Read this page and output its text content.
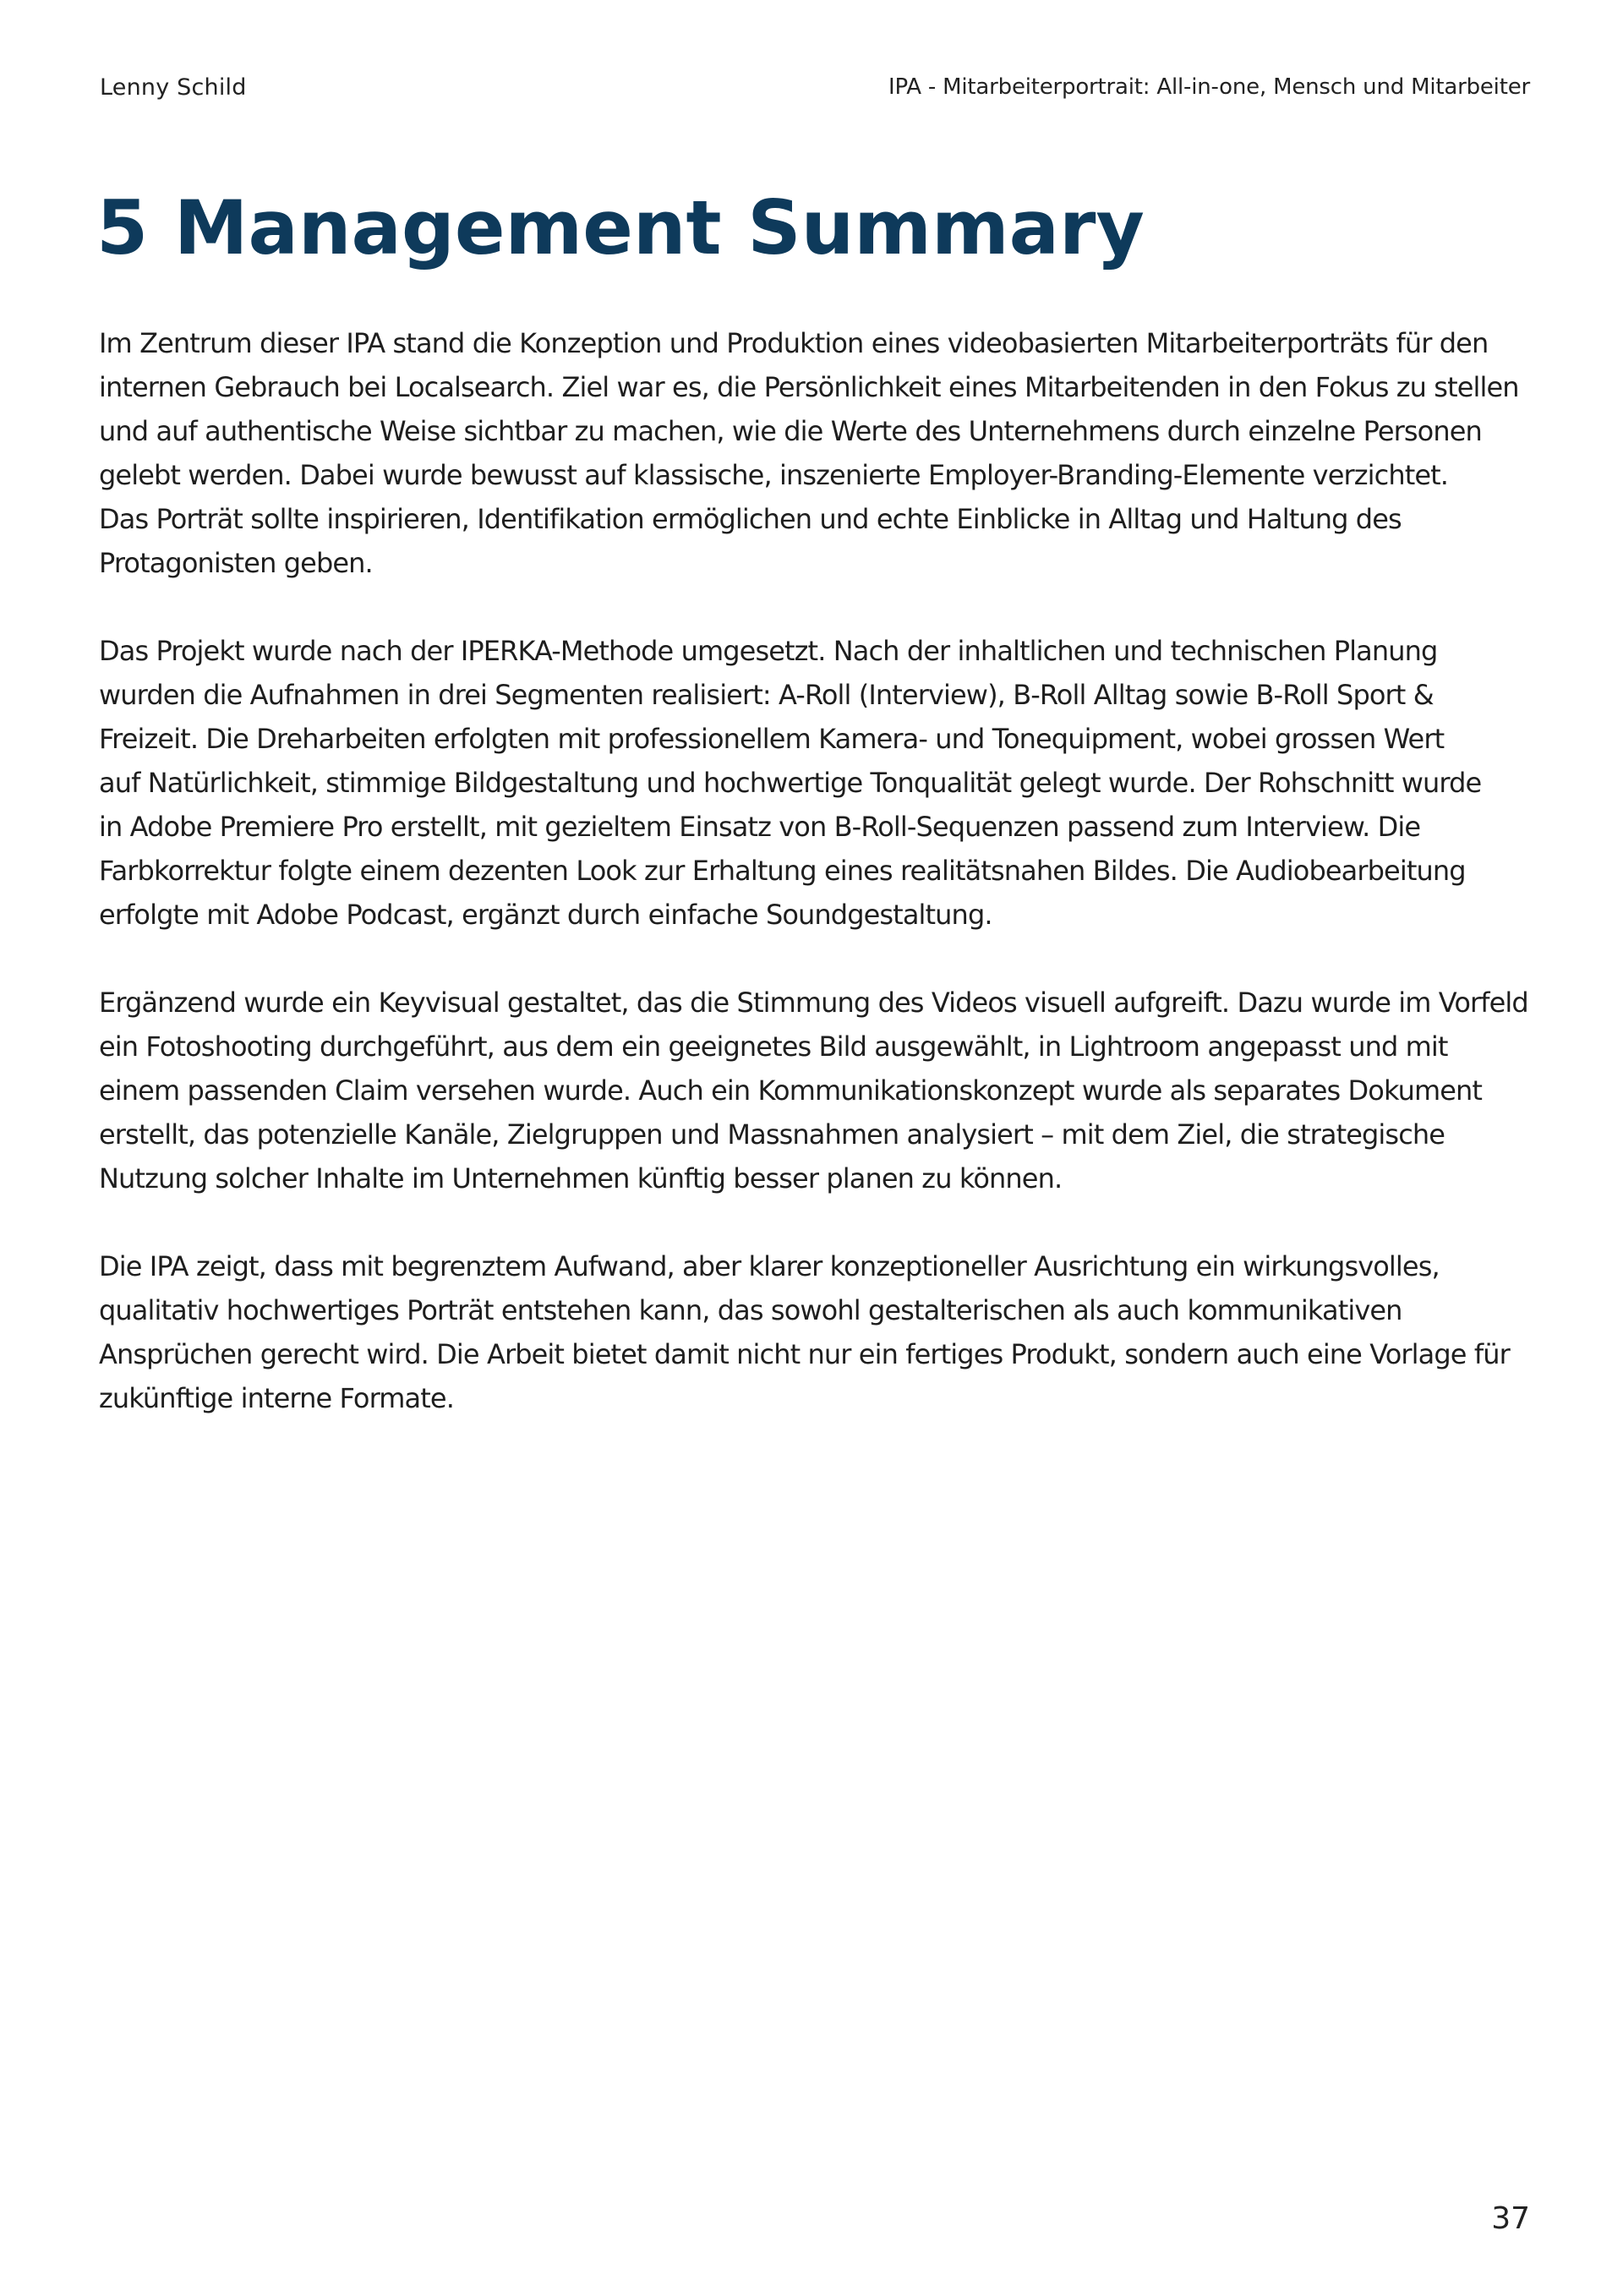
Lenny Schild	IPA - Mitarbeiterportrait: All-in-one, Mensch und Mitarbeiter
5 Management Summary

Im Zentrum dieser IPA stand die Konzeption und Produktion eines videobasierten Mitarbeiterporträts für den
internen Gebrauch bei Localsearch. Ziel war es, die Persönlichkeit eines Mitarbeitenden in den Fokus zu stellen
und auf authentische Weise sichtbar zu machen, wie die Werte des Unternehmens durch einzelne Personen
gelebt werden. Dabei wurde bewusst auf klassische, inszenierte Employer-Branding-Elemente verzichtet.
Das Porträt sollte inspirieren, Identifikation ermöglichen und echte Einblicke in Alltag und Haltung des
Protagonisten geben.

Das Projekt wurde nach der IPERKA-Methode umgesetzt. Nach der inhaltlichen und technischen Planung
wurden die Aufnahmen in drei Segmenten realisiert: A-Roll (Interview), B-Roll Alltag sowie B-Roll Sport &
Freizeit. Die Dreharbeiten erfolgten mit professionellem Kamera- und Tonequipment, wobei grossen Wert
auf Natürlichkeit, stimmige Bildgestaltung und hochwertige Tonqualität gelegt wurde. Der Rohschnitt wurde
in Adobe Premiere Pro erstellt, mit gezieltem Einsatz von B-Roll-Sequenzen passend zum Interview. Die
Farbkorrektur folgte einem dezenten Look zur Erhaltung eines realitätsnahen Bildes. Die Audiobearbeitung
erfolgte mit Adobe Podcast, ergänzt durch einfache Soundgestaltung.

Ergänzend wurde ein Keyvisual gestaltet, das die Stimmung des Videos visuell aufgreift. Dazu wurde im Vorfeld
ein Fotoshooting durchgeführt, aus dem ein geeignetes Bild ausgewählt, in Lightroom angepasst und mit
einem passenden Claim versehen wurde. Auch ein Kommunikationskonzept wurde als separates Dokument
erstellt, das potenzielle Kanäle, Zielgruppen und Massnahmen analysiert – mit dem Ziel, die strategische
Nutzung solcher Inhalte im Unternehmen künftig besser planen zu können.

Die IPA zeigt, dass mit begrenztem Aufwand, aber klarer konzeptioneller Ausrichtung ein wirkungsvolles,
qualitativ hochwertiges Porträt entstehen kann, das sowohl gestalterischen als auch kommunikativen
Ansprüchen gerecht wird. Die Arbeit bietet damit nicht nur ein fertiges Produkt, sondern auch eine Vorlage für
zukünftige interne Formate.

37
